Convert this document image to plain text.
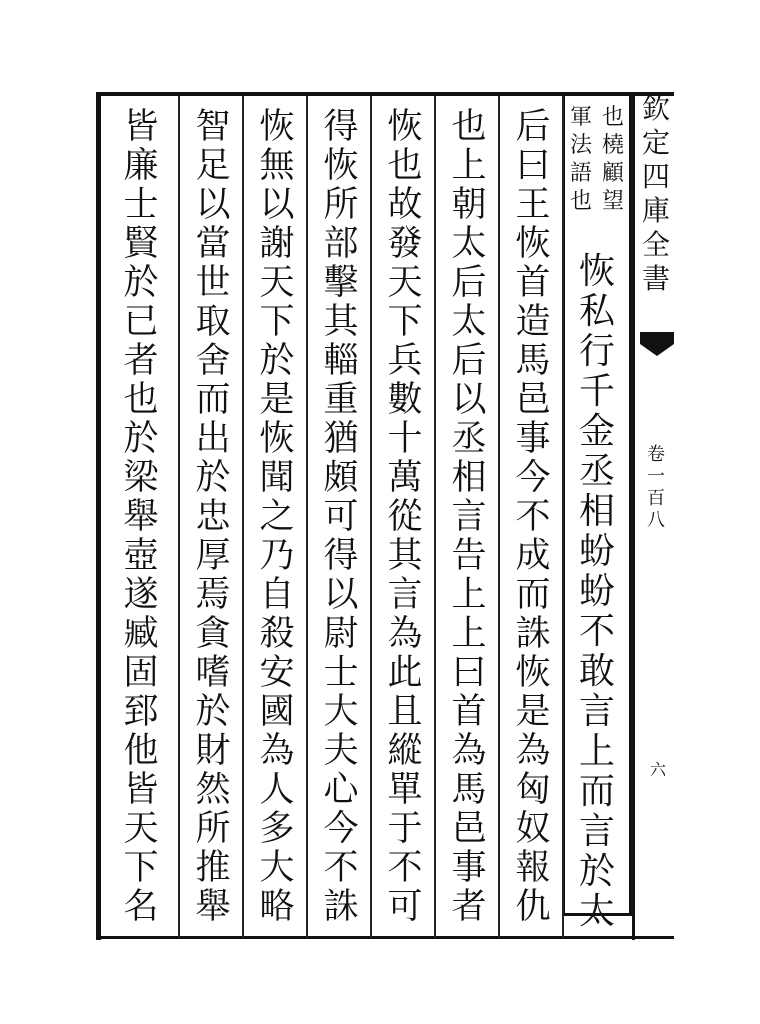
欽
定
四
庫
全
書
卷
一
百
八
六
也
橈
顧
望
軍
法
語
也
恢
私
行
千
金
丞
相
蚡
蚡
不
敢
言
上
而
言
於
太
后
曰
王
恢
首
造
馬
邑
事
今
不
成
而
誅
恢
是
為
匈
奴
報
仇
也
上
朝
太
后
太
后
以
丞
相
言
告
上
上
曰
首
為
馬
邑
事
者
恢
也
故
發
天
下
兵
數
十
萬
從
其
言
為
此
且
縱
單
于
不
可
得
恢
所
部
擊
其
輜
重
猶
頗
可
得
以
尉
士
大
夫
心
今
不
誅
恢
無
以
謝
天
下
於
是
恢
聞
之
乃
自
殺
安
國
為
人
多
大
略
智
足
以
當
世
取
舍
而
出
於
忠
厚
焉
貪
嗜
於
財
然
所
推
舉
皆
廉
士
賢
於
已
者
也
於
梁
舉
壺
遂
臧
固
郅
他
皆
天
下
名
